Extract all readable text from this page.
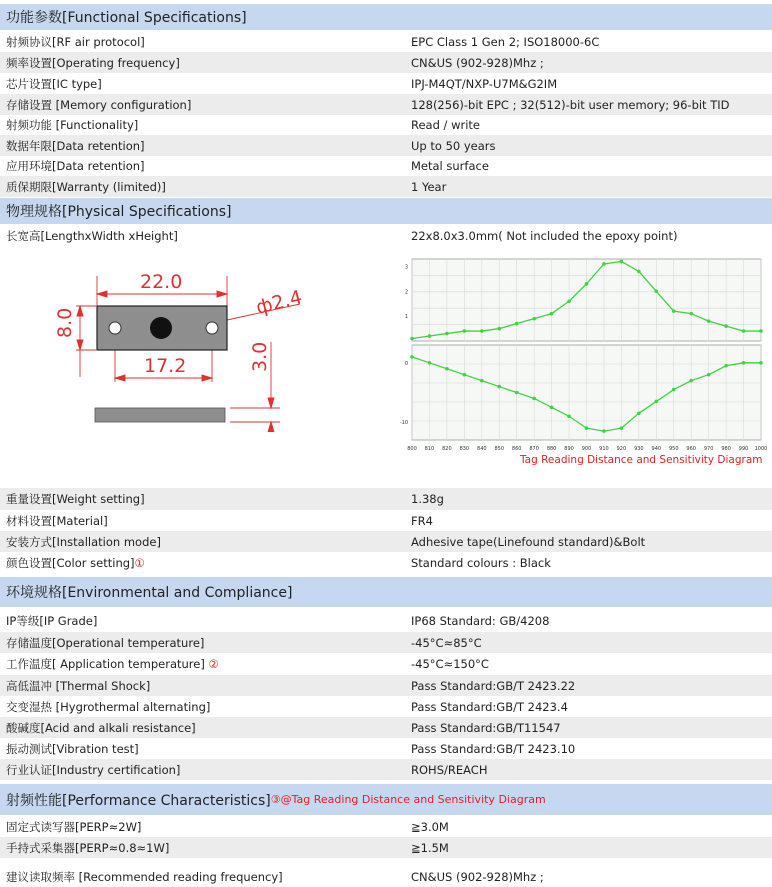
功能参数[Functional Specifications]
射频协议[RF air protocol]	EPC Class 1 Gen 2; ISO18000-6C
频率设置[Operating frequency]	CN&US (902-928)Mhz ;
芯片设置[IC type]	IPJ-M4QT/NXP-U7M&G2IM
存储设置 [Memory configuration]	128(256)-bit EPC ; 32(512)-bit user memory; 96-bit TID
射频功能 [Functionality]	Read / write
数据年限[Data retention]	Up to 50 years
应用环境[Data retention]	Metal surface
质保期限[Warranty (limited)]	1 Year
物理规格[Physical Specifications]
长宽高[LengthxWidth xHeight]	22x8.0x3.0mm( Not included the epoxy point)
22.0
17.2
8.0
3.0
ф2.4
800 810 820 830 840 850 860 870 880 890 900 910 920 930 940 950 960 970 980 990 1000
1
2
3
0
-10
Tag Reading Distance and Sensitivity Diagram
重量设置[Weight setting]	1.38g
材料设置[Material]	FR4
安装方式[Installation mode]	Adhesive tape(Linefound standard)&Bolt
颜色设置[Color setting]①	Standard colours : Black
环境规格[Environmental and Compliance]
IP等级[IP Grade]	IP68 Standard: GB/4208
存储温度[Operational temperature]	-45°C≈85°C
工作温度[ Application temperature] ②	-45°C≈150°C
高低温冲 [Thermal Shock]	Pass Standard:GB/T 2423.22
交变湿热 [Hygrothermal alternating]	Pass Standard:GB/T 2423.4
酸碱度[Acid and alkali resistance]	Pass Standard:GB/T11547
振动测试[Vibration test]	Pass Standard:GB/T 2423.10
行业认证[Industry certification]	ROHS/REACH
射频性能[Performance Characteristics] ③@Tag Reading Distance and Sensitivity Diagram
固定式读写器[PERP≈2W]	≧3.0M
手持式采集器[PERP≈0.8≈1W]	≧1.5M
建议读取频率 [Recommended reading frequency]	CN&US (902-928)Mhz ;
